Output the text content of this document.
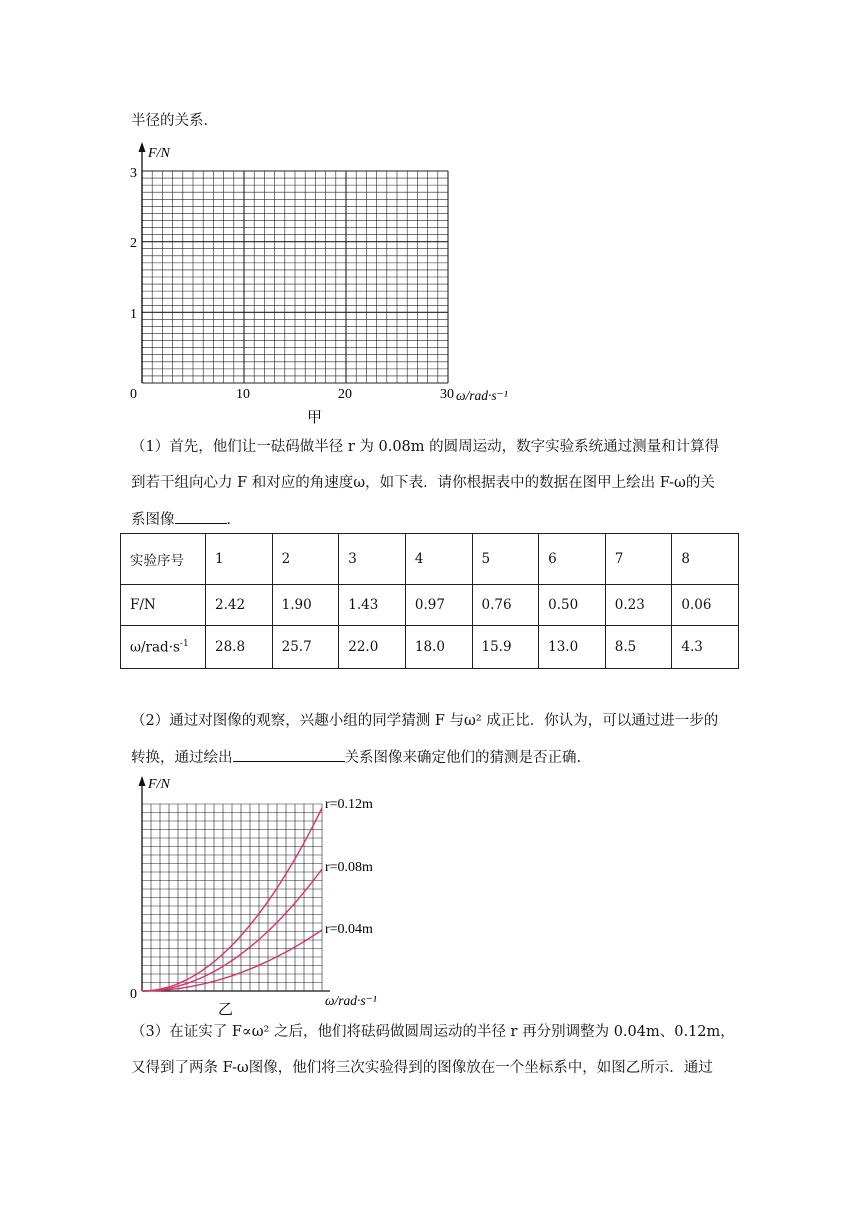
半径的关系.
F/N
3
2
1
0	10	20	30 ω/rad·s⁻¹
甲
（1）首先，他们让一砝码做半径 r 为 0.08m 的圆周运动，数字实验系统通过测量和计算得
到若干组向心力 F 和对应的角速度ω，如下表．请你根据表中的数据在图甲上绘出 F-ω的关
系图像	．
实验序号	1	2	3	4	5	6	7	8
F/N	2.42	1.90	1.43	0.97	0.76	0.50	0.23	0.06
$\omega/rad\cdot s^{-1}$	28.8	25.7	22.0	18.0	15.9	13.0	8.5	4.3
（2）通过对图像的观察，兴趣小组的同学猜测 F 与ω² 成正比．你认为，可以通过进一步的
转换，通过绘出	关系图像来确定他们的猜测是否正确.
F/N
0	ω/rad·s⁻¹
乙
r=0.12m
r=0.08m
r=0.04m
（3）在证实了 F∝ω² 之后，他们将砝码做圆周运动的半径 r 再分别调整为 0.04m、0.12m，
又得到了两条 F-ω图像，他们将三次实验得到的图像放在一个坐标系中，如图乙所示．通过
